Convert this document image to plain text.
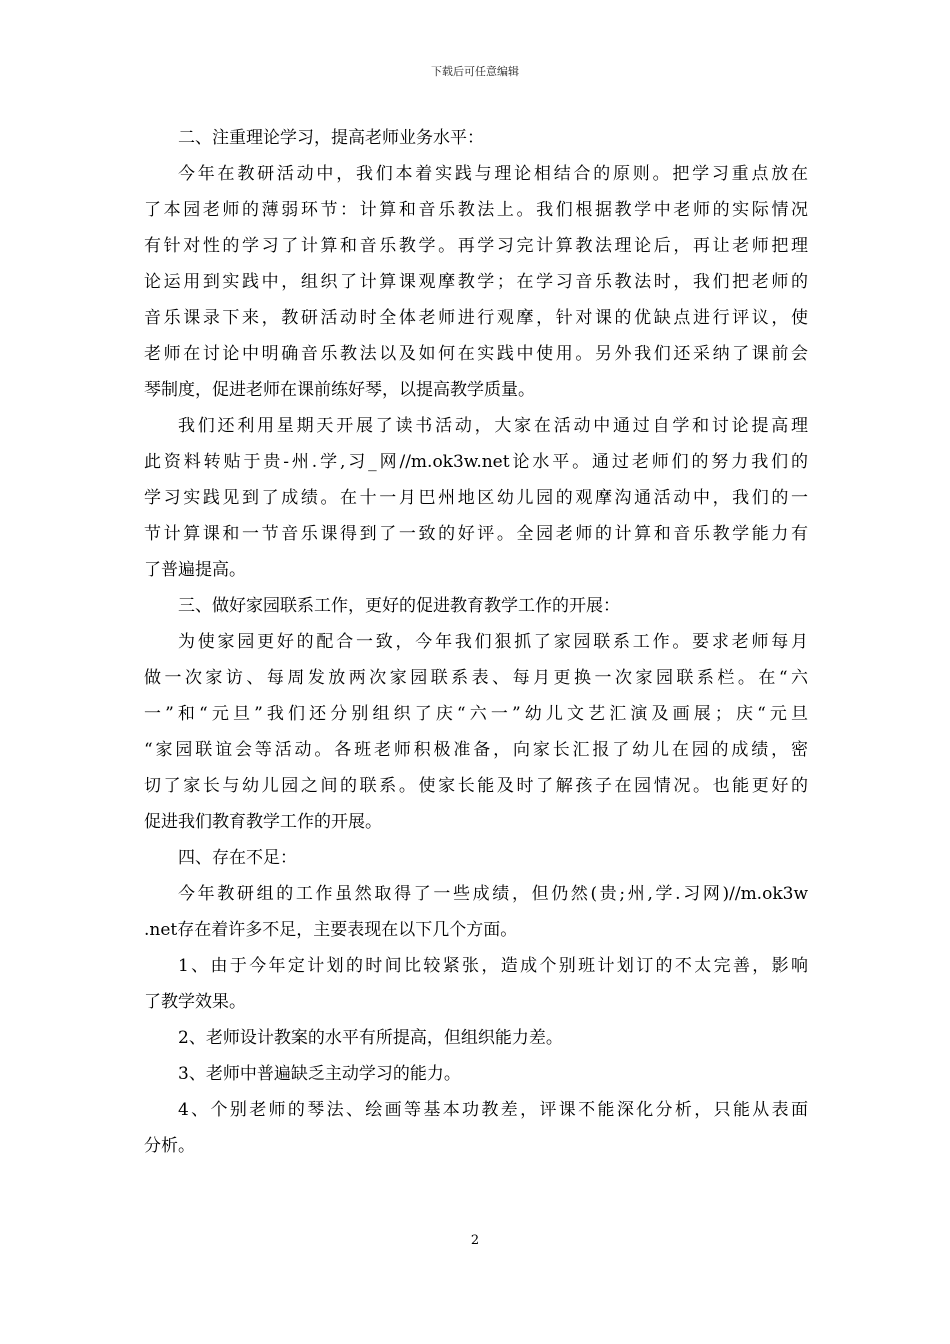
下载后可任意编辑
二、注重理论学习，提高老师业务水平：
今年在教研活动中，我们本着实践与理论相结合的原则。把学习重点放在
了本园老师的薄弱环节：计算和音乐教法上。我们根据教学中老师的实际情况
有针对性的学习了计算和音乐教学。再学习完计算教法理论后，再让老师把理
论运用到实践中，组织了计算课观摩教学；在学习音乐教法时，我们把老师的
音乐课录下来，教研活动时全体老师进行观摩，针对课的优缺点进行评议，使
老师在讨论中明确音乐教法以及如何在实践中使用。另外我们还采纳了课前会
琴制度，促进老师在课前练好琴，以提高教学质量。
我们还利用星期天开展了读书活动，大家在活动中通过自学和讨论提高理
此资料转贴于贵-州.学,习_网//m.ok3w.net论水平。通过老师们的努力我们的
学习实践见到了成绩。在十一月巴州地区幼儿园的观摩沟通活动中，我们的一
节计算课和一节音乐课得到了一致的好评。全园老师的计算和音乐教学能力有
了普遍提高。
三、做好家园联系工作，更好的促进教育教学工作的开展：
为使家园更好的配合一致，今年我们狠抓了家园联系工作。要求老师每月
做一次家访、每周发放两次家园联系表、每月更换一次家园联系栏。在“六
一”和“元旦”我们还分别组织了庆“六一”幼儿文艺汇演及画展；庆“元旦
“家园联谊会等活动。各班老师积极准备，向家长汇报了幼儿在园的成绩，密
切了家长与幼儿园之间的联系。使家长能及时了解孩子在园情况。也能更好的
促进我们教育教学工作的开展。
四、存在不足：
今年教研组的工作虽然取得了一些成绩，但仍然(贵;州,学.习网)//m.ok3w
.net存在着许多不足，主要表现在以下几个方面。
1、由于今年定计划的时间比较紧张，造成个别班计划订的不太完善，影响
了教学效果。
2、老师设计教案的水平有所提高，但组织能力差。
3、老师中普遍缺乏主动学习的能力。
4、个别老师的琴法、绘画等基本功教差，评课不能深化分析，只能从表面
分析。
2
